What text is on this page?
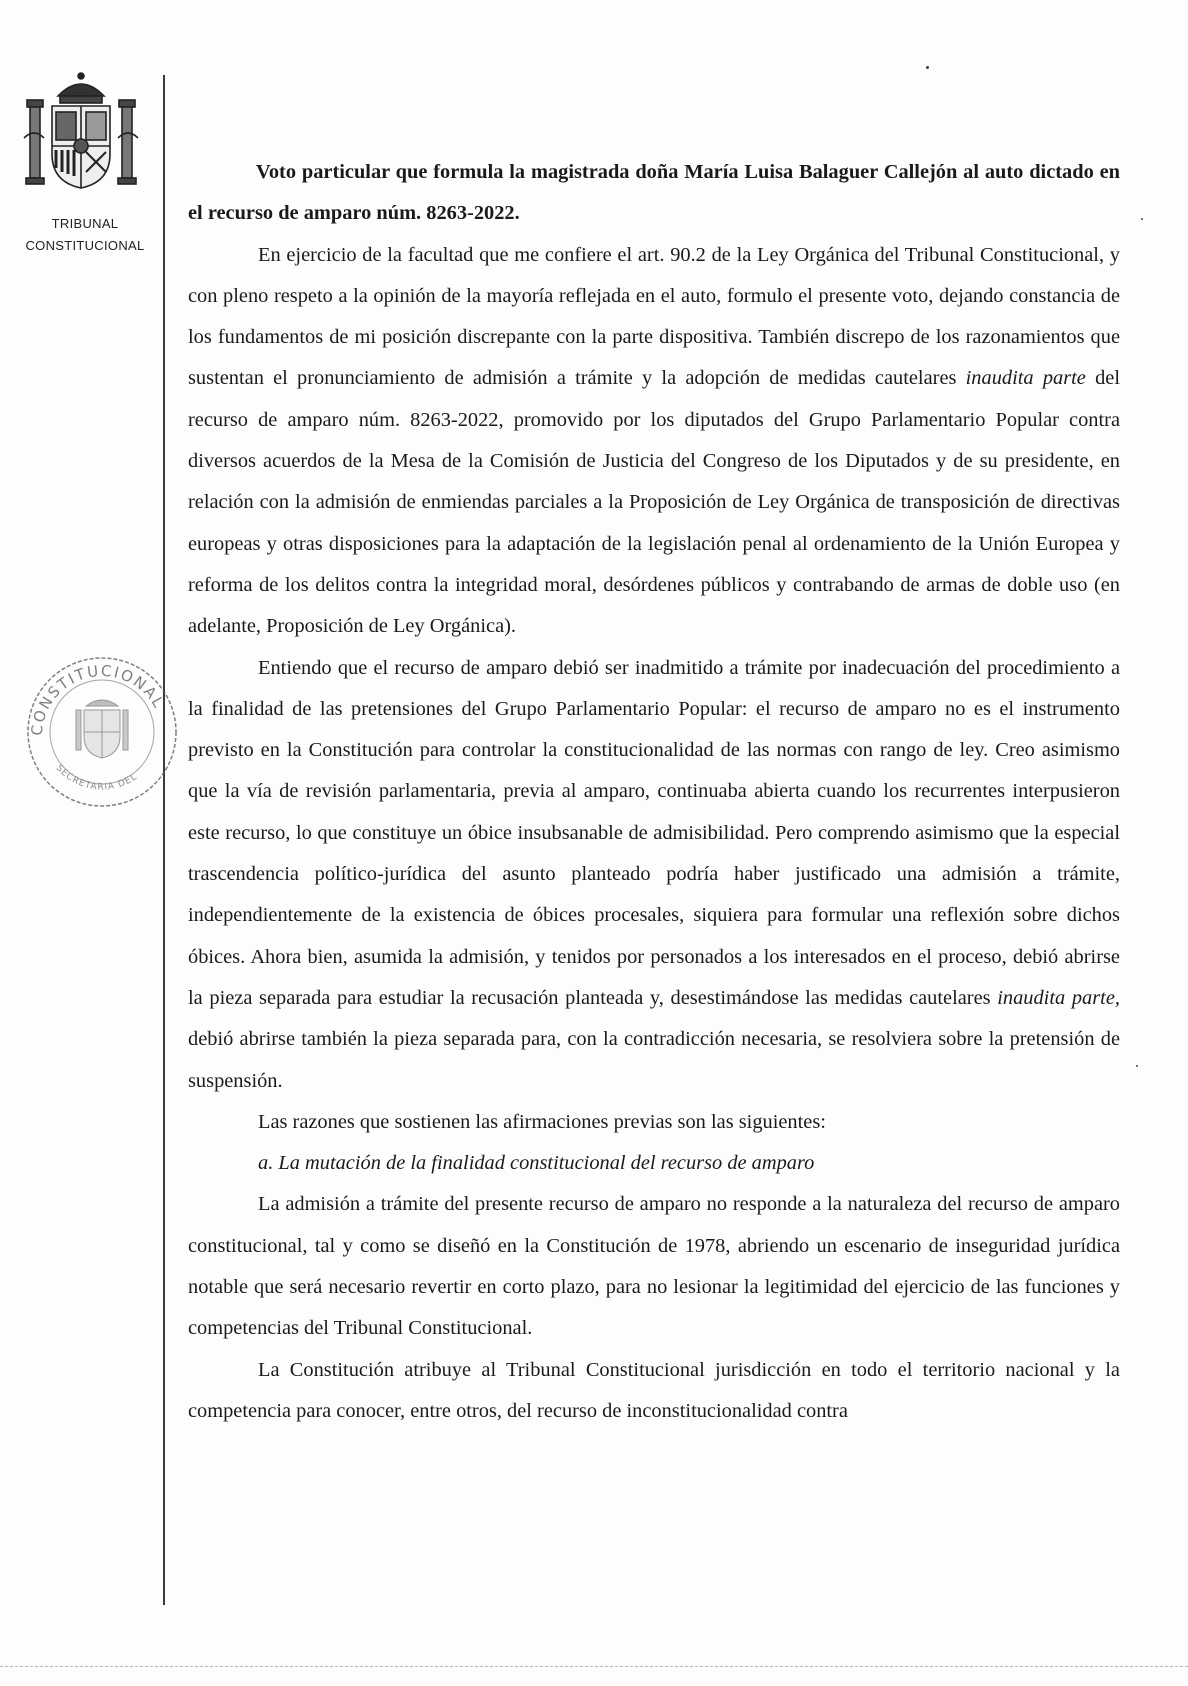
TRIBUNAL
CONSTITUCIONAL
CONSTITUCIONAL
SECRETARIA DEL

Voto particular que formula la magistrada doña María Luisa Balaguer Callejón al auto dictado en el recurso de amparo núm. 8263-2022.

En ejercicio de la facultad que me confiere el art. 90.2 de la Ley Orgánica del Tribunal Constitucional, y con pleno respeto a la opinión de la mayoría reflejada en el auto, formulo el presente voto, dejando constancia de los fundamentos de mi posición discrepante con la parte dispositiva. También discrepo de los razonamientos que sustentan el pronunciamiento de admisión a trámite y la adopción de medidas cautelares inaudita parte del recurso de amparo núm. 8263-2022, promovido por los diputados del Grupo Parlamentario Popular contra diversos acuerdos de la Mesa de la Comisión de Justicia del Congreso de los Diputados y de su presidente, en relación con la admisión de enmiendas parciales a la Proposición de Ley Orgánica de transposición de directivas europeas y otras disposiciones para la adaptación de la legislación penal al ordenamiento de la Unión Europea y reforma de los delitos contra la integridad moral, desórdenes públicos y contrabando de armas de doble uso (en adelante, Proposición de Ley Orgánica).

Entiendo que el recurso de amparo debió ser inadmitido a trámite por inadecuación del procedimiento a la finalidad de las pretensiones del Grupo Parlamentario Popular: el recurso de amparo no es el instrumento previsto en la Constitución para controlar la constitucionalidad de las normas con rango de ley. Creo asimismo que la vía de revisión parlamentaria, previa al amparo, continuaba abierta cuando los recurrentes interpusieron este recurso, lo que constituye un óbice insubsanable de admisibilidad. Pero comprendo asimismo que la especial trascendencia político-jurídica del asunto planteado podría haber justificado una admisión a trámite, independientemente de la existencia de óbices procesales, siquiera para formular una reflexión sobre dichos óbices. Ahora bien, asumida la admisión, y tenidos por personados a los interesados en el proceso, debió abrirse la pieza separada para estudiar la recusación planteada y, desestimándose las medidas cautelares inaudita parte, debió abrirse también la pieza separada para, con la contradicción necesaria, se resolviera sobre la pretensión de suspensión.

Las razones que sostienen las afirmaciones previas son las siguientes:

a. La mutación de la finalidad constitucional del recurso de amparo

La admisión a trámite del presente recurso de amparo no responde a la naturaleza del recurso de amparo constitucional, tal y como se diseñó en la Constitución de 1978, abriendo un escenario de inseguridad jurídica notable que será necesario revertir en corto plazo, para no lesionar la legitimidad del ejercicio de las funciones y competencias del Tribunal Constitucional.

La Constitución atribuye al Tribunal Constitucional jurisdicción en todo el territorio nacional y la competencia para conocer, entre otros, del recurso de inconstitucionalidad contra
